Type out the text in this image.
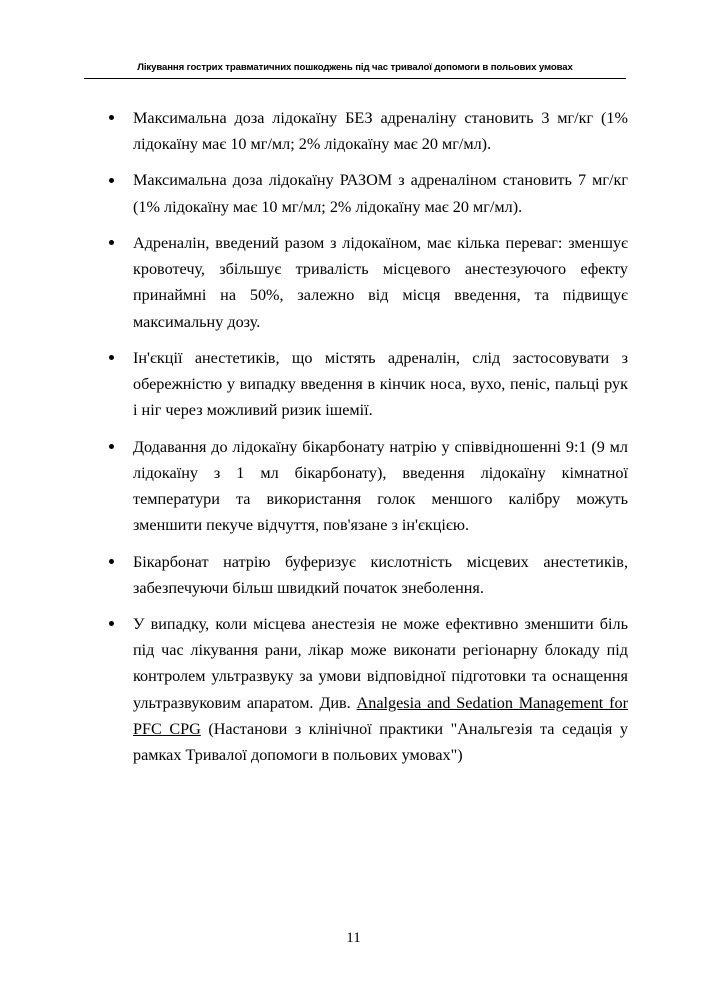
Лікування гострих травматичних пошкоджень під час тривалої допомоги в польових умовах
Максимальна доза лідокаїну БЕЗ адреналіну становить 3 мг/кг (1% лідокаїну має 10 мг/мл; 2% лідокаїну має 20 мг/мл).
Максимальна доза лідокаїну РАЗОМ з адреналіном становить 7 мг/кг (1% лідокаїну має 10 мг/мл; 2% лідокаїну має 20 мг/мл).
Адреналін, введений разом з лідокаїном, має кілька переваг: зменшує кровотечу, збільшує тривалість місцевого анестезуючого ефекту принаймні на 50%, залежно від місця введення, та підвищує максимальну дозу.
Ін'єкції анестетиків, що містять адреналін, слід застосовувати з обережністю у випадку введення в кінчик носа, вухо, пеніс, пальці рук і ніг через можливий ризик ішемії.
Додавання до лідокаїну бікарбонату натрію у співвідношенні 9:1 (9 мл лідокаїну з 1 мл бікарбонату), введення лідокаїну кімнатної температури та використання голок меншого калібру можуть зменшити пекуче відчуття, пов'язане з ін'єкцією.
Бікарбонат натрію буферизує кислотність місцевих анестетиків, забезпечуючи більш швидкий початок знеболення.
У випадку, коли місцева анестезія не може ефективно зменшити біль під час лікування рани, лікар може виконати регіонарну блокаду під контролем ультразвуку за умови відповідної підготовки та оснащення ультразвуковим апаратом. Див. Analgesia and Sedation Management for PFC CPG (Настанови з клінічної практики "Анальгезія та седація у рамках Тривалої допомоги в польових умовах")
11
